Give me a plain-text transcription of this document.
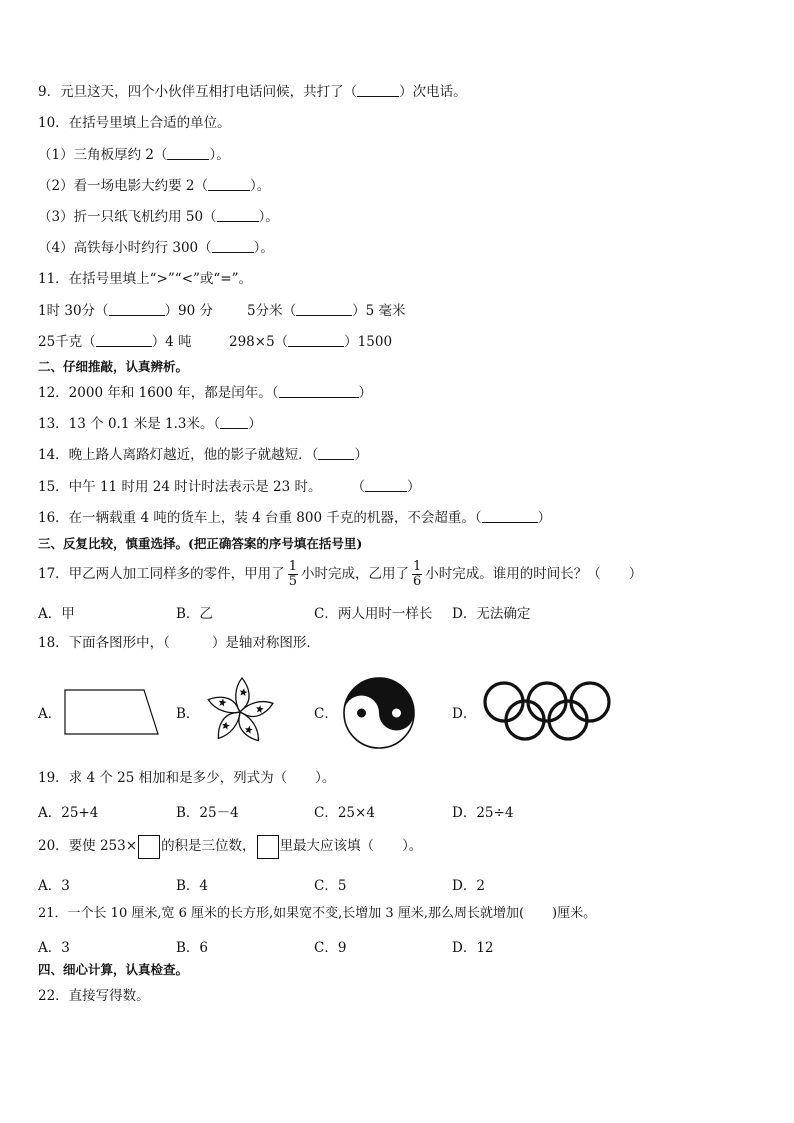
9．元旦这天，四个小伙伴互相打电话问候，共打了（	）次电话。
10．在括号里填上合适的单位。
（1）三角板厚约 2（	）。
（2）看一场电影大约要 2（	）。
（3）折一只纸飞机约用 50（	）。
（4）高铁每小时约行 300（	）。
11．在括号里填上“>”“<”或“=”。
1时 30分（	）90 分	5分米（	）5 毫米
25千克（	）4 吨	298×5（	）1500
二、仔细推敲，认真辨析。
12．2000 年和 1600 年，都是闰年。（	）
13．13 个 0.1 米是 1.3米。（ ）
14．晚上路人离路灯越近，他的影子就越短．（	）
15．中午 11 时用 24 时计时法表示是 23 时。 （	）
16．在一辆载重 4 吨的货车上，装 4 台重 800 千克的机器，不会超重。（	）
三、反复比较，慎重选择。(把正确答案的序号填在括号里)
17．甲乙两人加工同样多的零件，甲用了 $\frac{1}{5}$ 小时完成，乙用了 $\frac{1}{6}$ 小时完成。谁用的时间长？（ ）
A．甲	B．乙	C．两人用时一样长 D．无法确定
18．下面各图形中，（	）是轴对称图形．
A．	B．	C．	D．
19．求 4 个 25 相加和是多少，列式为（ ）。
A．25+4	B．25－4	C．25×4	D．25÷4
20．要使 253× 的积是三位数， 里最大应该填（ ）。
A．3	B．4	C．5	D．2
21．一个长 10 厘米,宽 6 厘米的长方形,如果宽不变,长增加 3 厘米,那么周长就增加( )厘米。
A．3	B．6	C．9	D．12
四、细心计算，认真检查。
22．直接写得数。
